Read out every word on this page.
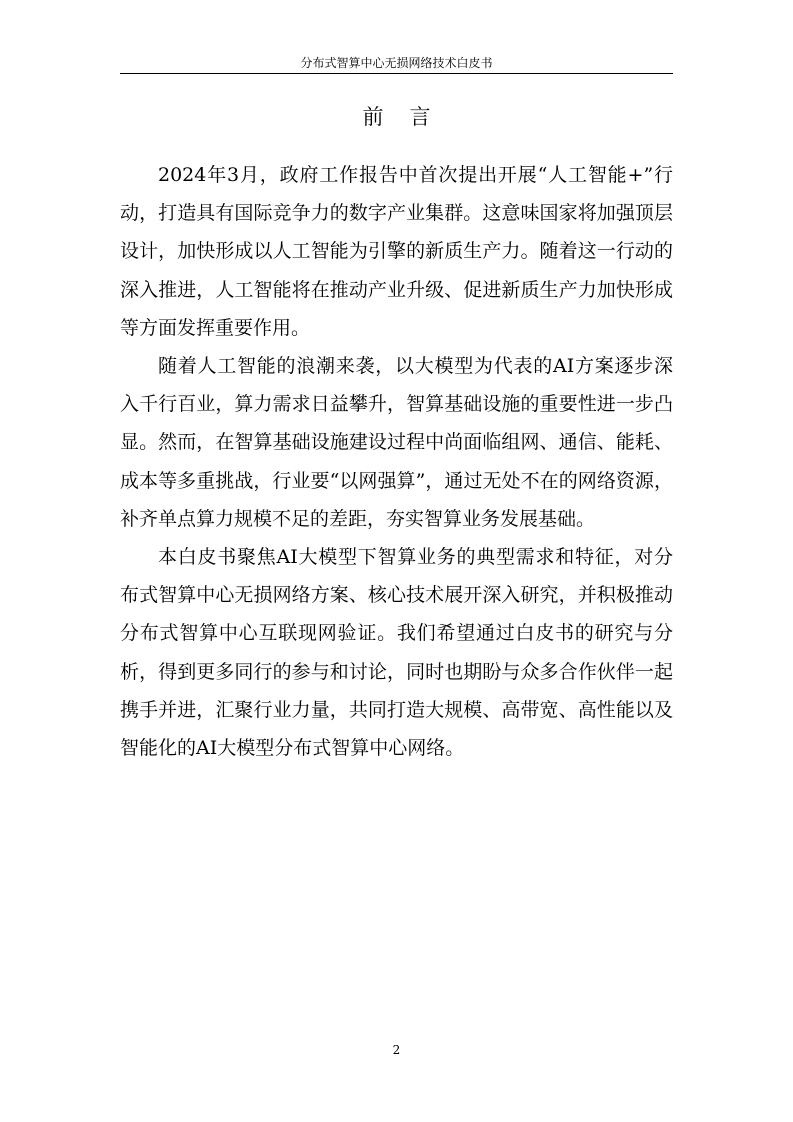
分布式智算中心无损网络技术白皮书
前言

2024年3月，政府工作报告中首次提出开展“人工智能+”行动，打造具有国际竞争力的数字产业集群。这意味国家将加强顶层设计，加快形成以人工智能为引擎的新质生产力。随着这一行动的深入推进，人工智能将在推动产业升级、促进新质生产力加快形成等方面发挥重要作用。

随着人工智能的浪潮来袭，以大模型为代表的AI方案逐步深入千行百业，算力需求日益攀升，智算基础设施的重要性进一步凸显。然而，在智算基础设施建设过程中尚面临组网、通信、能耗、成本等多重挑战，行业要“以网强算”，通过无处不在的网络资源，补齐单点算力规模不足的差距，夯实智算业务发展基础。

本白皮书聚焦AI大模型下智算业务的典型需求和特征，对分布式智算中心无损网络方案、核心技术展开深入研究，并积极推动分布式智算中心互联现网验证。我们希望通过白皮书的研究与分析，得到更多同行的参与和讨论，同时也期盼与众多合作伙伴一起携手并进，汇聚行业力量，共同打造大规模、高带宽、高性能以及智能化的AI大模型分布式智算中心网络。

2
